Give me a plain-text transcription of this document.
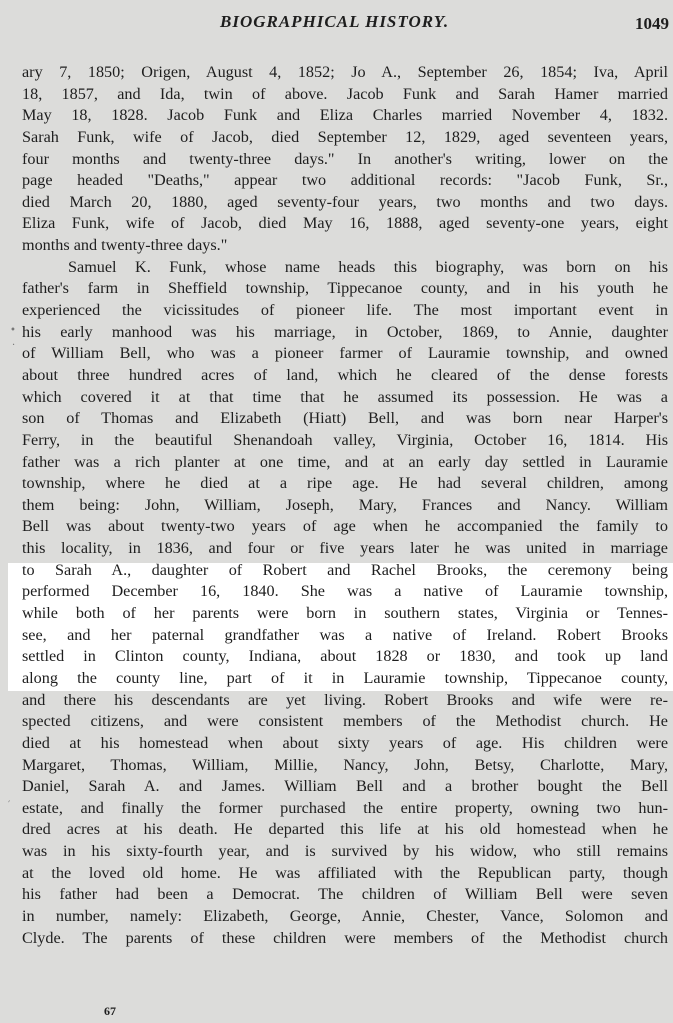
BIOGRAPHICAL HISTORY.	1049
•
·
′
ary 7, 1850; Origen, August 4, 1852; Jo A., September 26, 1854; Iva, April
18, 1857, and Ida, twin of above. Jacob Funk and Sarah Hamer married
May 18, 1828. Jacob Funk and Eliza Charles married November 4, 1832.
Sarah Funk, wife of Jacob, died September 12, 1829, aged seventeen years,
four months and twenty-three days." In another's writing, lower on the
page headed "Deaths," appear two additional records: "Jacob Funk, Sr.,
died March 20, 1880, aged seventy-four years, two months and two days.
Eliza Funk, wife of Jacob, died May 16, 1888, aged seventy-one years, eight
months and twenty-three days."
Samuel K. Funk, whose name heads this biography, was born on his
father's farm in Sheffield township, Tippecanoe county, and in his youth he
experienced the vicissitudes of pioneer life. The most important event in
his early manhood was his marriage, in October, 1869, to Annie, daughter
of William Bell, who was a pioneer farmer of Lauramie township, and owned
about three hundred acres of land, which he cleared of the dense forests
which covered it at that time that he assumed its possession. He was a
son of Thomas and Elizabeth (Hiatt) Bell, and was born near Harper's
Ferry, in the beautiful Shenandoah valley, Virginia, October 16, 1814. His
father was a rich planter at one time, and at an early day settled in Lauramie
township, where he died at a ripe age. He had several children, among
them being: John, William, Joseph, Mary, Frances and Nancy. William
Bell was about twenty-two years of age when he accompanied the family to
this locality, in 1836, and four or five years later he was united in marriage
to Sarah A., daughter of Robert and Rachel Brooks, the ceremony being
performed December 16, 1840. She was a native of Lauramie township,
while both of her parents were born in southern states, Virginia or Tennes-
see, and her paternal grandfather was a native of Ireland. Robert Brooks
settled in Clinton county, Indiana, about 1828 or 1830, and took up land
along the county line, part of it in Lauramie township, Tippecanoe county,
and there his descendants are yet living. Robert Brooks and wife were re-
spected citizens, and were consistent members of the Methodist church. He
died at his homestead when about sixty years of age. His children were
Margaret, Thomas, William, Millie, Nancy, John, Betsy, Charlotte, Mary,
Daniel, Sarah A. and James. William Bell and a brother bought the Bell
estate, and finally the former purchased the entire property, owning two hun-
dred acres at his death. He departed this life at his old homestead when he
was in his sixty-fourth year, and is survived by his widow, who still remains
at the loved old home. He was affiliated with the Republican party, though
his father had been a Democrat. The children of William Bell were seven
in number, namely: Elizabeth, George, Annie, Chester, Vance, Solomon and
Clyde. The parents of these children were members of the Methodist church
67
